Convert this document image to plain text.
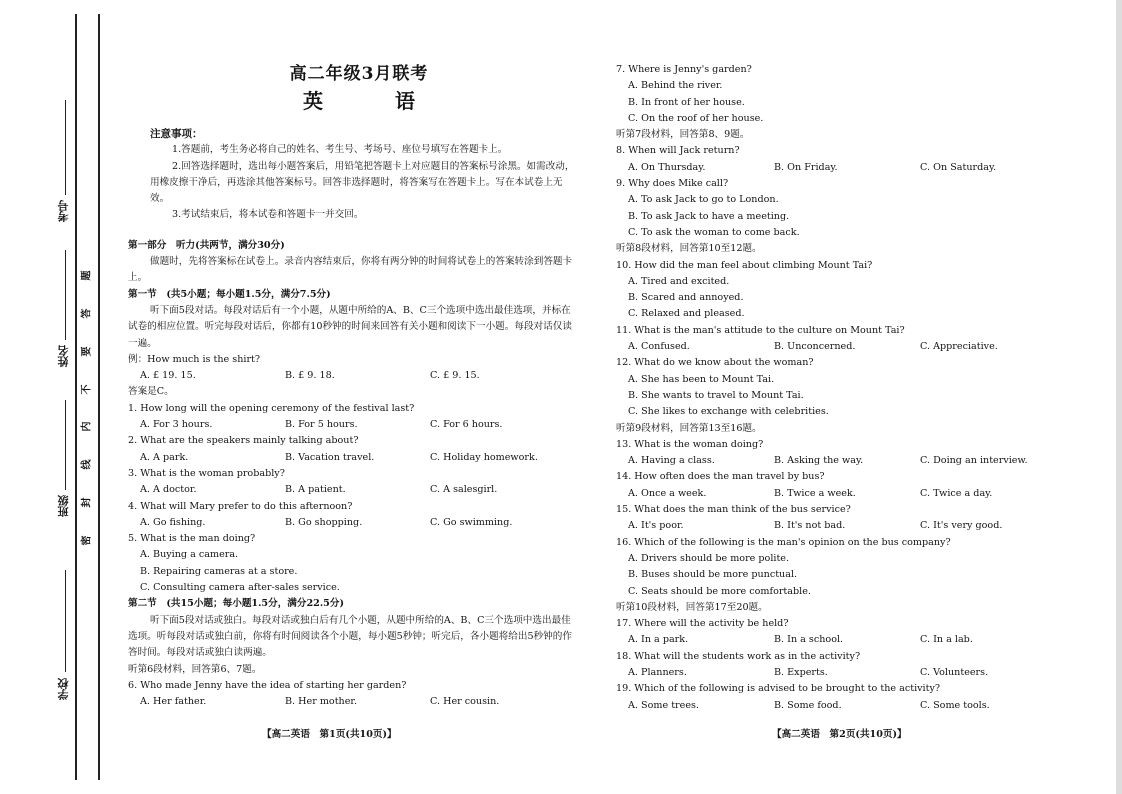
考号
姓名
班级
学校
题
答
要
不
内
线
封
密
高二年级3月联考
英　语
注意事项：
1.答题前，考生务必将自己的姓名、考生号、考场号、座位号填写在答题卡上。
2.回答选择题时，选出每小题答案后，用铅笔把答题卡上对应题目的答案标号涂黑。如需改动，用橡皮擦干净后，再选涂其他答案标号。回答非选择题时，将答案写在答题卡上。写在本试卷上无效。
3.考试结束后，将本试卷和答题卡一并交回。
第一部分　听力(共两节，满分30分)
做题时，先将答案标在试卷上。录音内容结束后，你将有两分钟的时间将试卷上的答案转涂到答题卡上。
第一节　(共5小题；每小题1.5分，满分7.5分)
听下面5段对话。每段对话后有一个小题，从题中所给的A、B、C三个选项中选出最佳选项，并标在试卷的相应位置。听完每段对话后，你都有10秒钟的时间来回答有关小题和阅读下一小题。每段对话仅读一遍。
例：How much is the shirt?
A. £ 19. 15.	B. £ 9. 18.	C. £ 9. 15.
答案是C。
1. How long will the opening ceremony of the festival last?
A. For 3 hours.	B. For 5 hours.	C. For 6 hours.
2. What are the speakers mainly talking about?
A. A park.	B. Vacation travel.	C. Holiday homework.
3. What is the woman probably?
A. A doctor.	B. A patient.	C. A salesgirl.
4. What will Mary prefer to do this afternoon?
A. Go fishing.	B. Go shopping.	C. Go swimming.
5. What is the man doing?
A. Buying a camera.
B. Repairing cameras at a store.
C. Consulting camera after-sales service.
第二节　(共15小题；每小题1.5分，满分22.5分)
听下面5段对话或独白。每段对话或独白后有几个小题，从题中所给的A、B、C三个选项中选出最佳选项。听每段对话或独白前，你将有时间阅读各个小题，每小题5秒钟；听完后，各小题将给出5秒钟的作答时间。每段对话或独白读两遍。
听第6段材料，回答第6、7题。
6. Who made Jenny have the idea of starting her garden?
A. Her father.	B. Her mother.	C. Her cousin.
【高二英语　第1页(共10页)】
7. Where is Jenny's garden?
A. Behind the river.
B. In front of her house.
C. On the roof of her house.
听第7段材料，回答第8、9题。
8. When will Jack return?
A. On Thursday.	B. On Friday.	C. On Saturday.
9. Why does Mike call?
A. To ask Jack to go to London.
B. To ask Jack to have a meeting.
C. To ask the woman to come back.
听第8段材料，回答第10至12题。
10. How did the man feel about climbing Mount Tai?
A. Tired and excited.
B. Scared and annoyed.
C. Relaxed and pleased.
11. What is the man's attitude to the culture on Mount Tai?
A. Confused.	B. Unconcerned.	C. Appreciative.
12. What do we know about the woman?
A. She has been to Mount Tai.
B. She wants to travel to Mount Tai.
C. She likes to exchange with celebrities.
听第9段材料，回答第13至16题。
13. What is the woman doing?
A. Having a class.	B. Asking the way.	C. Doing an interview.
14. How often does the man travel by bus?
A. Once a week.	B. Twice a week.	C. Twice a day.
15. What does the man think of the bus service?
A. It's poor.	B. It's not bad.	C. It's very good.
16. Which of the following is the man's opinion on the bus company?
A. Drivers should be more polite.
B. Buses should be more punctual.
C. Seats should be more comfortable.
听第10段材料，回答第17至20题。
17. Where will the activity be held?
A. In a park.	B. In a school.	C. In a lab.
18. What will the students work as in the activity?
A. Planners.	B. Experts.	C. Volunteers.
19. Which of the following is advised to be brought to the activity?
A. Some trees.	B. Some food.	C. Some tools.
【高二英语　第2页(共10页)】
